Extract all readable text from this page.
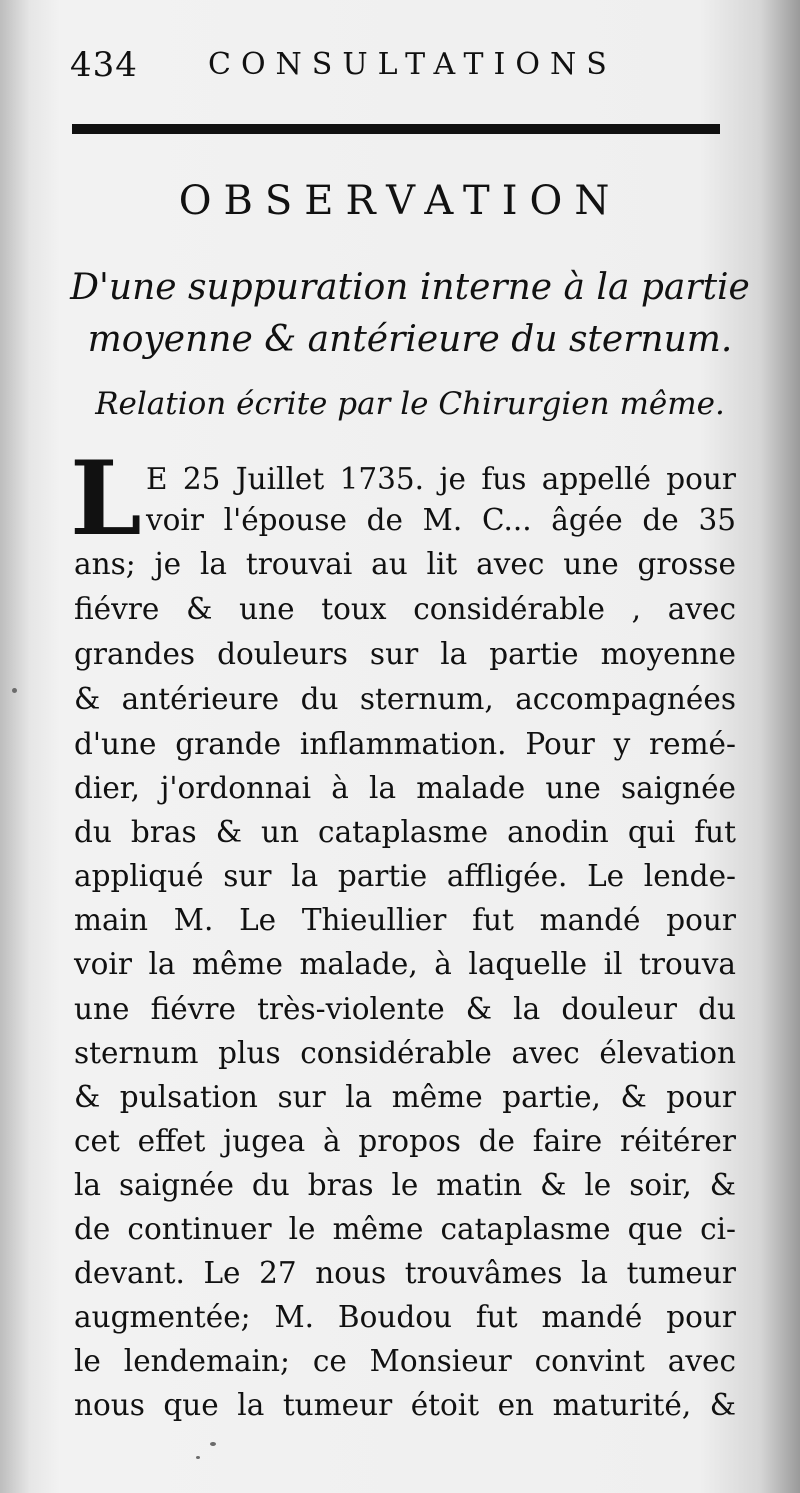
434 CONSULTATIONS
OBSERVATION
D'une suppuration interne à la partie
moyenne & antérieure du sternum.
Relation écrite par le Chirurgien même.
L E 25 Juillet 1735. je fus appellé pour
voir l'épouse de M. C... âgée de 35
ans; je la trouvai au lit avec une grosse
fiévre & une toux considérable , avec
grandes douleurs sur la partie moyenne
& antérieure du sternum, accompagnées
d'une grande inflammation. Pour y remé-
dier, j'ordonnai à la malade une saignée
du bras & un cataplasme anodin qui fut
appliqué sur la partie affligée. Le lende-
main M. Le Thieullier fut mandé pour
voir la même malade, à laquelle il trouva
une fiévre très-violente & la douleur du
sternum plus considérable avec élevation
& pulsation sur la même partie, & pour
cet effet jugea à propos de faire réitérer
la saignée du bras le matin & le soir, &
de continuer le même cataplasme que ci-
devant. Le 27 nous trouvâmes la tumeur
augmentée; M. Boudou fut mandé pour
le lendemain; ce Monsieur convint avec
nous que la tumeur étoit en maturité, &
